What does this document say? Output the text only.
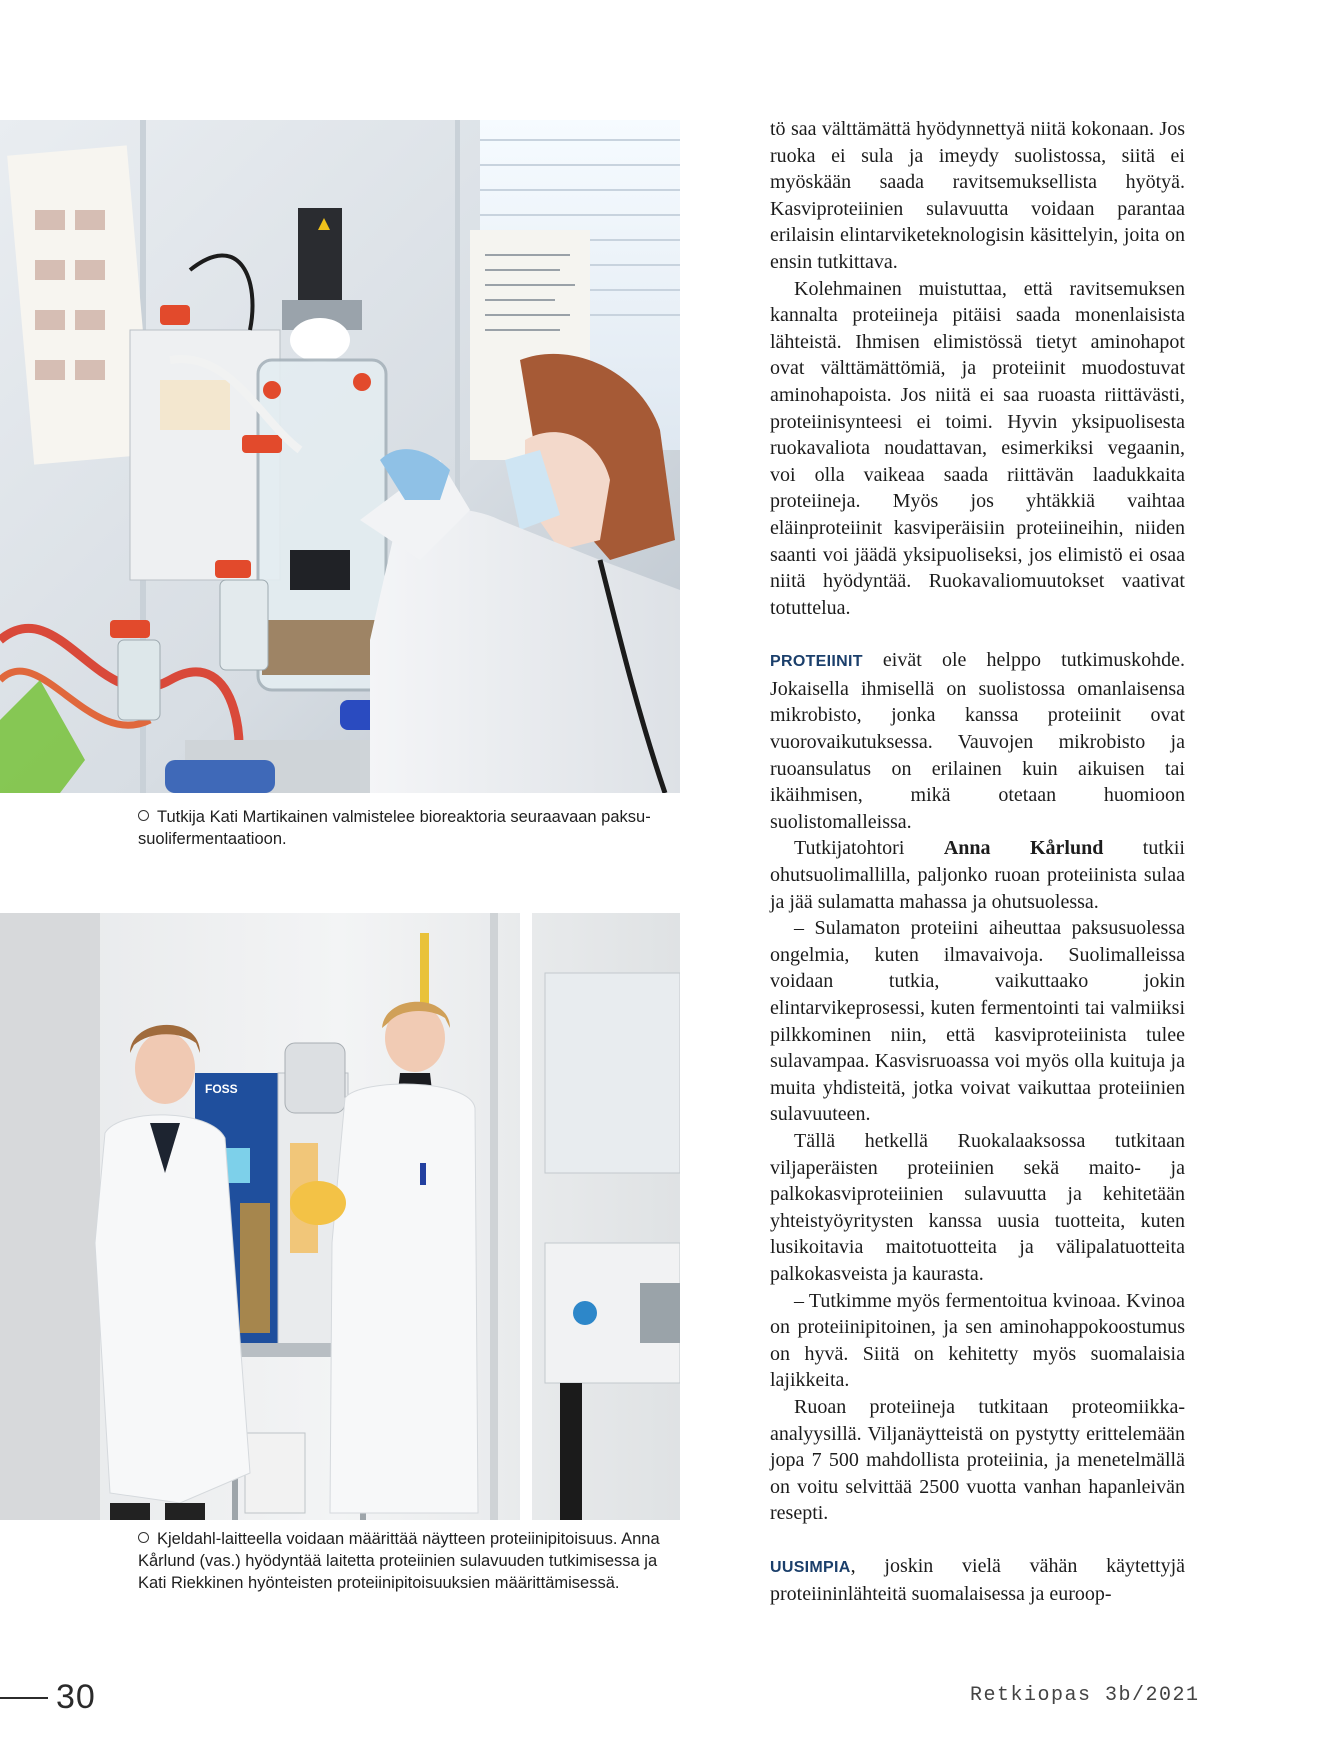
Tutkija Kati Martikainen valmistelee bioreaktoria seuraavaan paksu-
suolifermentaatioon.
FOSS
Kjeldahl-laitteella voidaan määrittää näytteen proteiinipitoisuus. Anna
Kårlund (vas.) hyödyntää laitetta proteiinien sulavuuden tutkimisessa ja
Kati Riekkinen hyönteisten proteiinipitoisuuksien määrittämisessä.

tö saa välttämättä hyödynnettyä niitä kokonaan. Jos ruoka ei sula ja imeydy suolistossa, siitä ei myöskään saada ravitsemuksellista hyötyä. Kasviproteiinien sulavuutta voidaan parantaa erilaisin elintarviketeknologisin käsittelyin, joita on ensin tutkittava.

Kolehmainen muistuttaa, että ravitsemuksen kannalta proteiineja pitäisi saada monenlaisista lähteistä. Ihmisen elimistössä tietyt aminohapot ovat välttämättömiä, ja proteiinit muodostuvat aminohapoista. Jos niitä ei saa ruoasta riittävästi, proteiinisynteesi ei toimi. Hyvin yksipuolisesta ruokavaliota noudattavan, esimerkiksi vegaanin, voi olla vaikeaa saada riittävän laadukkaita proteiineja. Myös jos yhtäkkiä vaihtaa eläinproteiinit kasviperäisiin proteiineihin, niiden saanti voi jäädä yksipuoliseksi, jos elimistö ei osaa niitä hyödyntää. Ruokavaliomuutokset vaativat totuttelua.

PROTEIINIT eivät ole helppo tutkimuskohde. Jokaisella ihmisellä on suolistossa omanlaisensa mikrobisto, jonka kanssa proteiinit ovat vuorovaikutuksessa. Vauvojen mikrobisto ja ruoansulatus on erilainen kuin aikuisen tai ikäihmisen, mikä otetaan huomioon suolistomalleissa.

Tutkijatohtori Anna Kårlund tutkii ohutsuolimallilla, paljonko ruoan proteiinista sulaa ja jää sulamatta mahassa ja ohutsuolessa.

– Sulamaton proteiini aiheuttaa paksusuolessa ongelmia, kuten ilmavaivoja. Suolimalleissa voidaan tutkia, vaikuttaako jokin elintarvikeprosessi, kuten fermentointi tai valmiiksi pilkkominen niin, että kasviproteiinista tulee sulavampaa. Kasvisruoassa voi myös olla kuituja ja muita yhdisteitä, jotka voivat vaikuttaa proteiinien sulavuuteen.

Tällä hetkellä Ruokalaaksossa tutkitaan viljaperäisten proteiinien sekä maito- ja palkokasviproteiinien sulavuutta ja kehitetään yhteistyöyritysten kanssa uusia tuotteita, kuten lusikoitavia maitotuotteita ja välipalatuotteita palkokasveista ja kaurasta.

– Tutkimme myös fermentoitua kvinoaa. Kvinoa on proteiinipitoinen, ja sen aminohappokoostumus on hyvä. Siitä on kehitetty myös suomalaisia lajikkeita.

Ruoan proteiineja tutkitaan proteomiikka-analyysillä. Viljanäytteistä on pystytty erittelemään jopa 7 500 mahdollista proteiinia, ja menetelmällä on voitu selvittää 2500 vuotta vanhan hapanleivän resepti.

UUSIMPIA, joskin vielä vähän käytettyjä proteiininlähteitä suomalaisessa ja euroop-

30	Retkiopas 3b/2021
